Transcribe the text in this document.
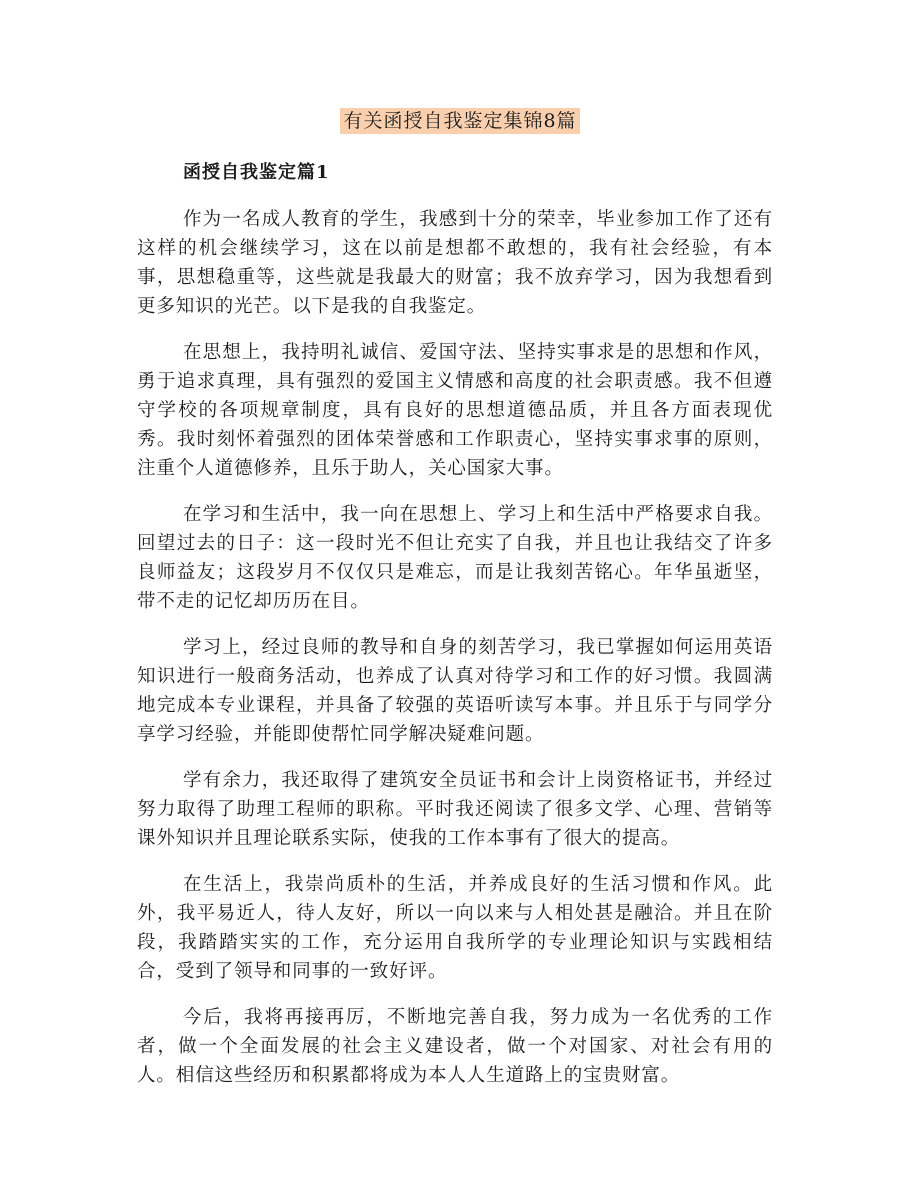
有关函授自我鉴定集锦8篇
函授自我鉴定篇1

作为一名成人教育的学生，我感到十分的荣幸，毕业参加工作了还有这样的机会继续学习，这在以前是想都不敢想的，我有社会经验，有本事，思想稳重等，这些就是我最大的财富；我不放弃学习，因为我想看到更多知识的光芒。以下是我的自我鉴定。

在思想上，我持明礼诚信、爱国守法、坚持实事求是的思想和作风，勇于追求真理，具有强烈的爱国主义情感和高度的社会职责感。我不但遵守学校的各项规章制度，具有良好的思想道德品质，并且各方面表现优秀。我时刻怀着强烈的团体荣誉感和工作职责心，坚持实事求事的原则，注重个人道德修养，且乐于助人，关心国家大事。

在学习和生活中，我一向在思想上、学习上和生活中严格要求自我。回望过去的日子：这一段时光不但让充实了自我，并且也让我结交了许多良师益友；这段岁月不仅仅只是难忘，而是让我刻苦铭心。年华虽逝坚，带不走的记忆却历历在目。

学习上，经过良师的教导和自身的刻苦学习，我已掌握如何运用英语知识进行一般商务活动，也养成了认真对待学习和工作的好习惯。我圆满地完成本专业课程，并具备了较强的英语听读写本事。并且乐于与同学分享学习经验，并能即使帮忙同学解决疑难问题。

学有余力，我还取得了建筑安全员证书和会计上岗资格证书，并经过努力取得了助理工程师的职称。平时我还阅读了很多文学、心理、营销等课外知识并且理论联系实际，使我的工作本事有了很大的提高。

在生活上，我崇尚质朴的生活，并养成良好的生活习惯和作风。此外，我平易近人，待人友好，所以一向以来与人相处甚是融洽。并且在阶段，我踏踏实实的工作，充分运用自我所学的专业理论知识与实践相结合，受到了领导和同事的一致好评。

今后，我将再接再厉，不断地完善自我，努力成为一名优秀的工作者，做一个全面发展的社会主义建设者，做一个对国家、对社会有用的人。相信这些经历和积累都将成为本人人生道路上的宝贵财富。
